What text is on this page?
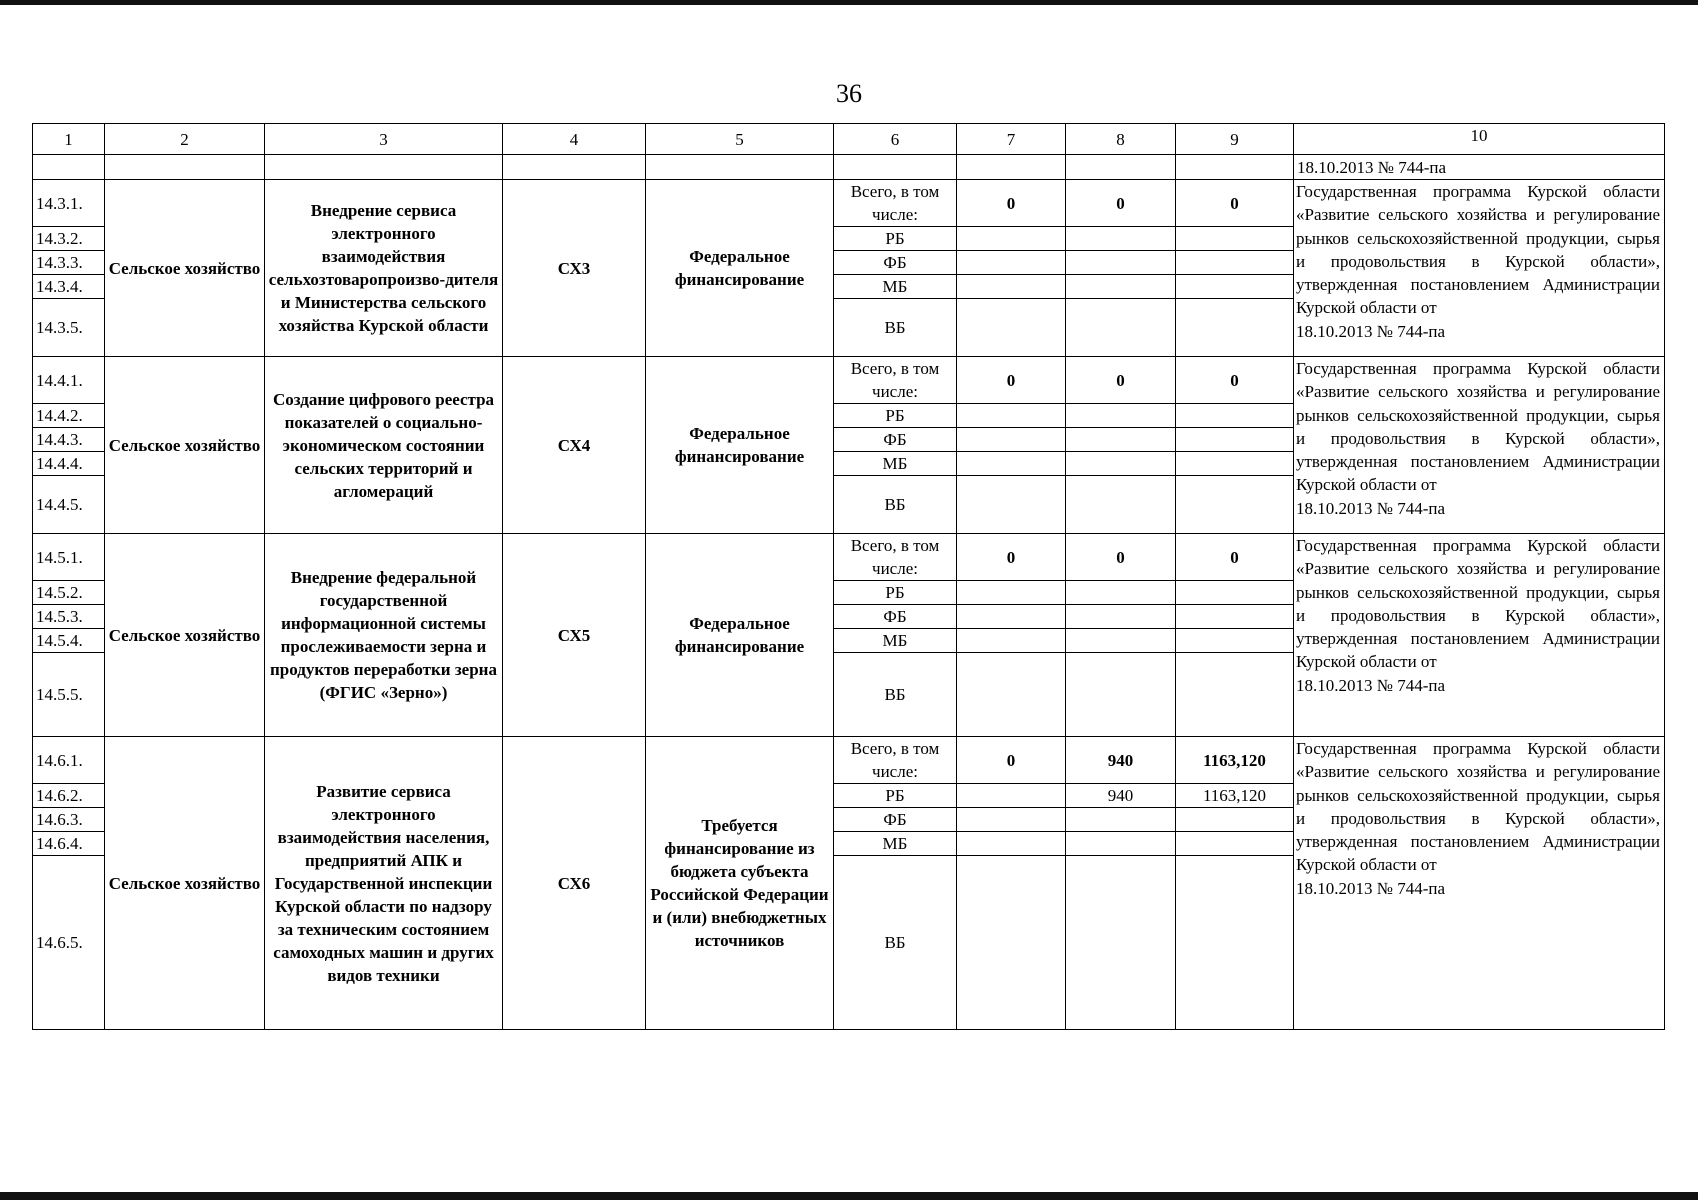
36
1	2	3	4	5	6	7	8	9	10
									18.10.2013 № 744-па
14.3.1.	Сельское хозяйство	Внедрение сервиса электронного взаимодействия сельхозтоваропроизво-дителя и Министерства сельского хозяйства Курской области	СХ3	Федеральное финансирование	Всего, в том числе:	0	0	0	Государственная программа Курской области «Развитие сельского хозяйства и регулирование рынков сельскохозяйственной продукции, сырья и продовольствия в Курской области», утвержденная постановлением Администрации Курской области от
18.10.2013 № 744-па

14.3.2.					РБ				
14.3.3.					ФБ				
14.3.4.					МБ				
14.3.5.					ВБ				
14.4.1.	Сельское хозяйство	Создание цифрового реестра показателей о социально-экономическом состоянии сельских территорий и агломераций	СХ4	Федеральное финансирование	Всего, в том числе:	0	0	0	Государственная программа Курской области «Развитие сельского хозяйства и регулирование рынков сельскохозяйственной продукции, сырья и продовольствия в Курской области», утвержденная постановлением Администрации Курской области от
18.10.2013 № 744-па

14.4.2.					РБ				
14.4.3.					ФБ				
14.4.4.					МБ				
14.4.5.					ВБ				
14.5.1.	Сельское хозяйство	Внедрение федеральной государственной информационной системы прослеживаемости зерна и продуктов переработки зерна (ФГИС «Зерно»)	СХ5	Федеральное финансирование	Всего, в том числе:	0	0	0	Государственная программа Курской области «Развитие сельского хозяйства и регулирование рынков сельскохозяйственной продукции, сырья и продовольствия в Курской области», утвержденная постановлением Администрации Курской области от
18.10.2013 № 744-па

14.5.2.					РБ				
14.5.3.					ФБ				
14.5.4.					МБ				
14.5.5.					ВБ				
14.6.1.	Сельское хозяйство	Развитие сервиса электронного взаимодействия населения, предприятий АПК и Государственной инспекции Курской области по надзору за техническим состоянием самоходных машин и других видов техники	СХ6	Требуется финансирование из бюджета субъекта Российской Федерации и (или) внебюджетных источников	Всего, в том числе:	0	940	1163,120	Государственная программа Курской области «Развитие сельского хозяйства и регулирование рынков сельскохозяйственной продукции, сырья и продовольствия в Курской области», утвержденная постановлением Администрации Курской области от
18.10.2013 № 744-па

14.6.2.					РБ		940	1163,120	
14.6.3.					ФБ				
14.6.4.					МБ				
14.6.5.					ВБ				
